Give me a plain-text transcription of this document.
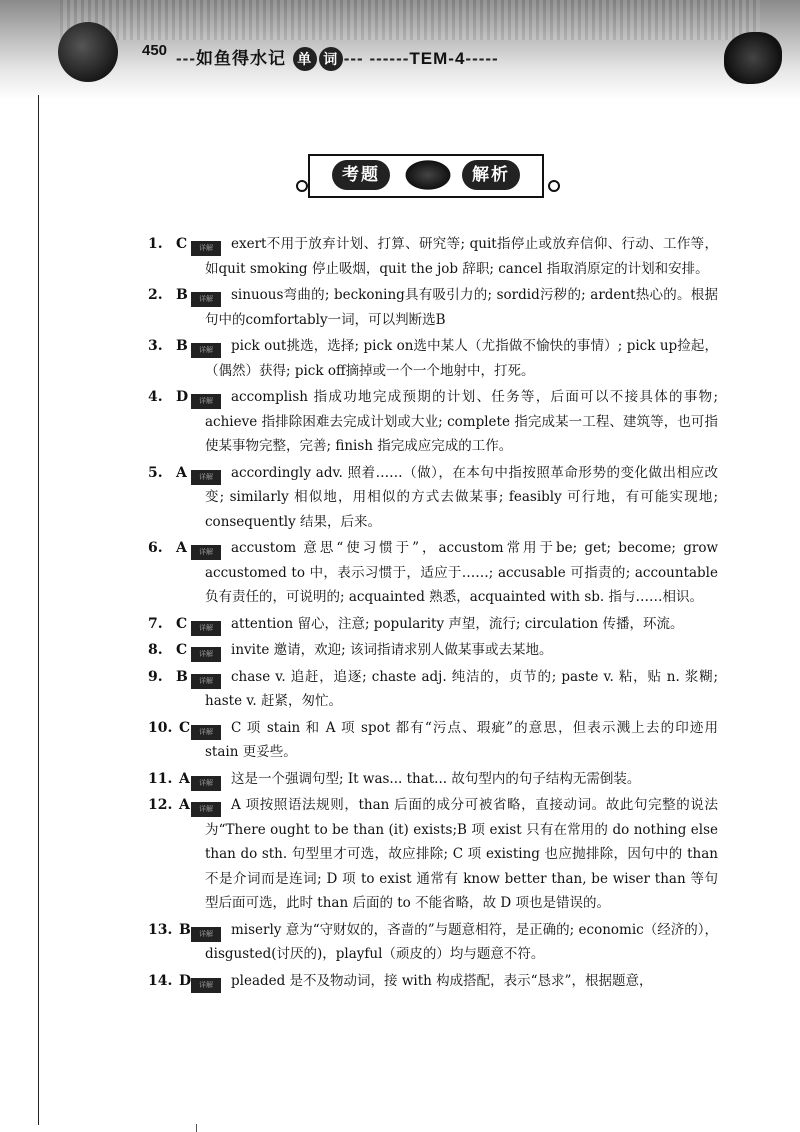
450 ---如鱼得水记 单 词 --- ------TEM-4-----
考题	解析
1. C 详解 exert不用于放弃计划、打算、研究等; quit指停止或放弃信仰、行动、工作等，如quit smoking 停止吸烟，quit the job 辞职; cancel 指取消原定的计划和安排。
2. B 详解 sinuous弯曲的; beckoning具有吸引力的; sordid污秽的; ardent热心的。根据句中的comfortably一词，可以判断选B
3. B 详解 pick out挑选，选择; pick on选中某人（尤指做不愉快的事情）; pick up捡起，（偶然）获得; pick off摘掉或一个一个地射中，打死。
4. D 详解 accomplish 指成功地完成预期的计划、任务等，后面可以不接具体的事物; achieve 指排除困难去完成计划或大业; complete 指完成某一工程、建筑等，也可指使某事物完整，完善; finish 指完成应完成的工作。
5. A 详解 accordingly adv. 照着……（做），在本句中指按照革命形势的变化做出相应改变; similarly 相似地，用相似的方式去做某事; feasibly 可行地，有可能实现地; consequently 结果，后来。
6. A 详解 accustom 意思“使习惯于”，accustom常用于be; get; become; grow accustomed to 中，表示习惯于，适应于……; accusable 可指责的; accountable 负有责任的，可说明的; acquainted 熟悉，acquainted with sb. 指与……相识。
7. C 详解 attention 留心，注意; popularity 声望，流行; circulation 传播，环流。
8. C 详解 invite 邀请，欢迎; 该词指请求别人做某事或去某地。
9. B 详解 chase v. 追赶，追逐; chaste adj. 纯洁的，贞节的; paste v. 粘，贴 n. 浆糊; haste v. 赶紧，匆忙。
10. C 详解 C 项 stain 和 A 项 spot 都有“污点、瑕疵”的意思，但表示溅上去的印迹用 stain 更妥些。
11. A 详解 这是一个强调句型; It was... that... 故句型内的句子结构无需倒装。
12. A 详解 A 项按照语法规则，than 后面的成分可被省略，直接动词。故此句完整的说法为“There ought to be than (it) exists;B 项 exist 只有在常用的 do nothing else than do sth. 句型里才可选，故应排除; C 项 existing 也应抛排除，因句中的 than 不是介词而是连词; D 项 to exist 通常有 know better than, be wiser than 等句型后面可选，此时 than 后面的 to 不能省略，故 D 项也是错误的。
13. B 详解 miserly 意为“守财奴的，吝啬的”与题意相符，是正确的; economic（经济的），disgusted(讨厌的)，playful（顽皮的）均与题意不符。
14. D 详解 pleaded 是不及物动词，接 with 构成搭配，表示“恳求”，根据题意，
